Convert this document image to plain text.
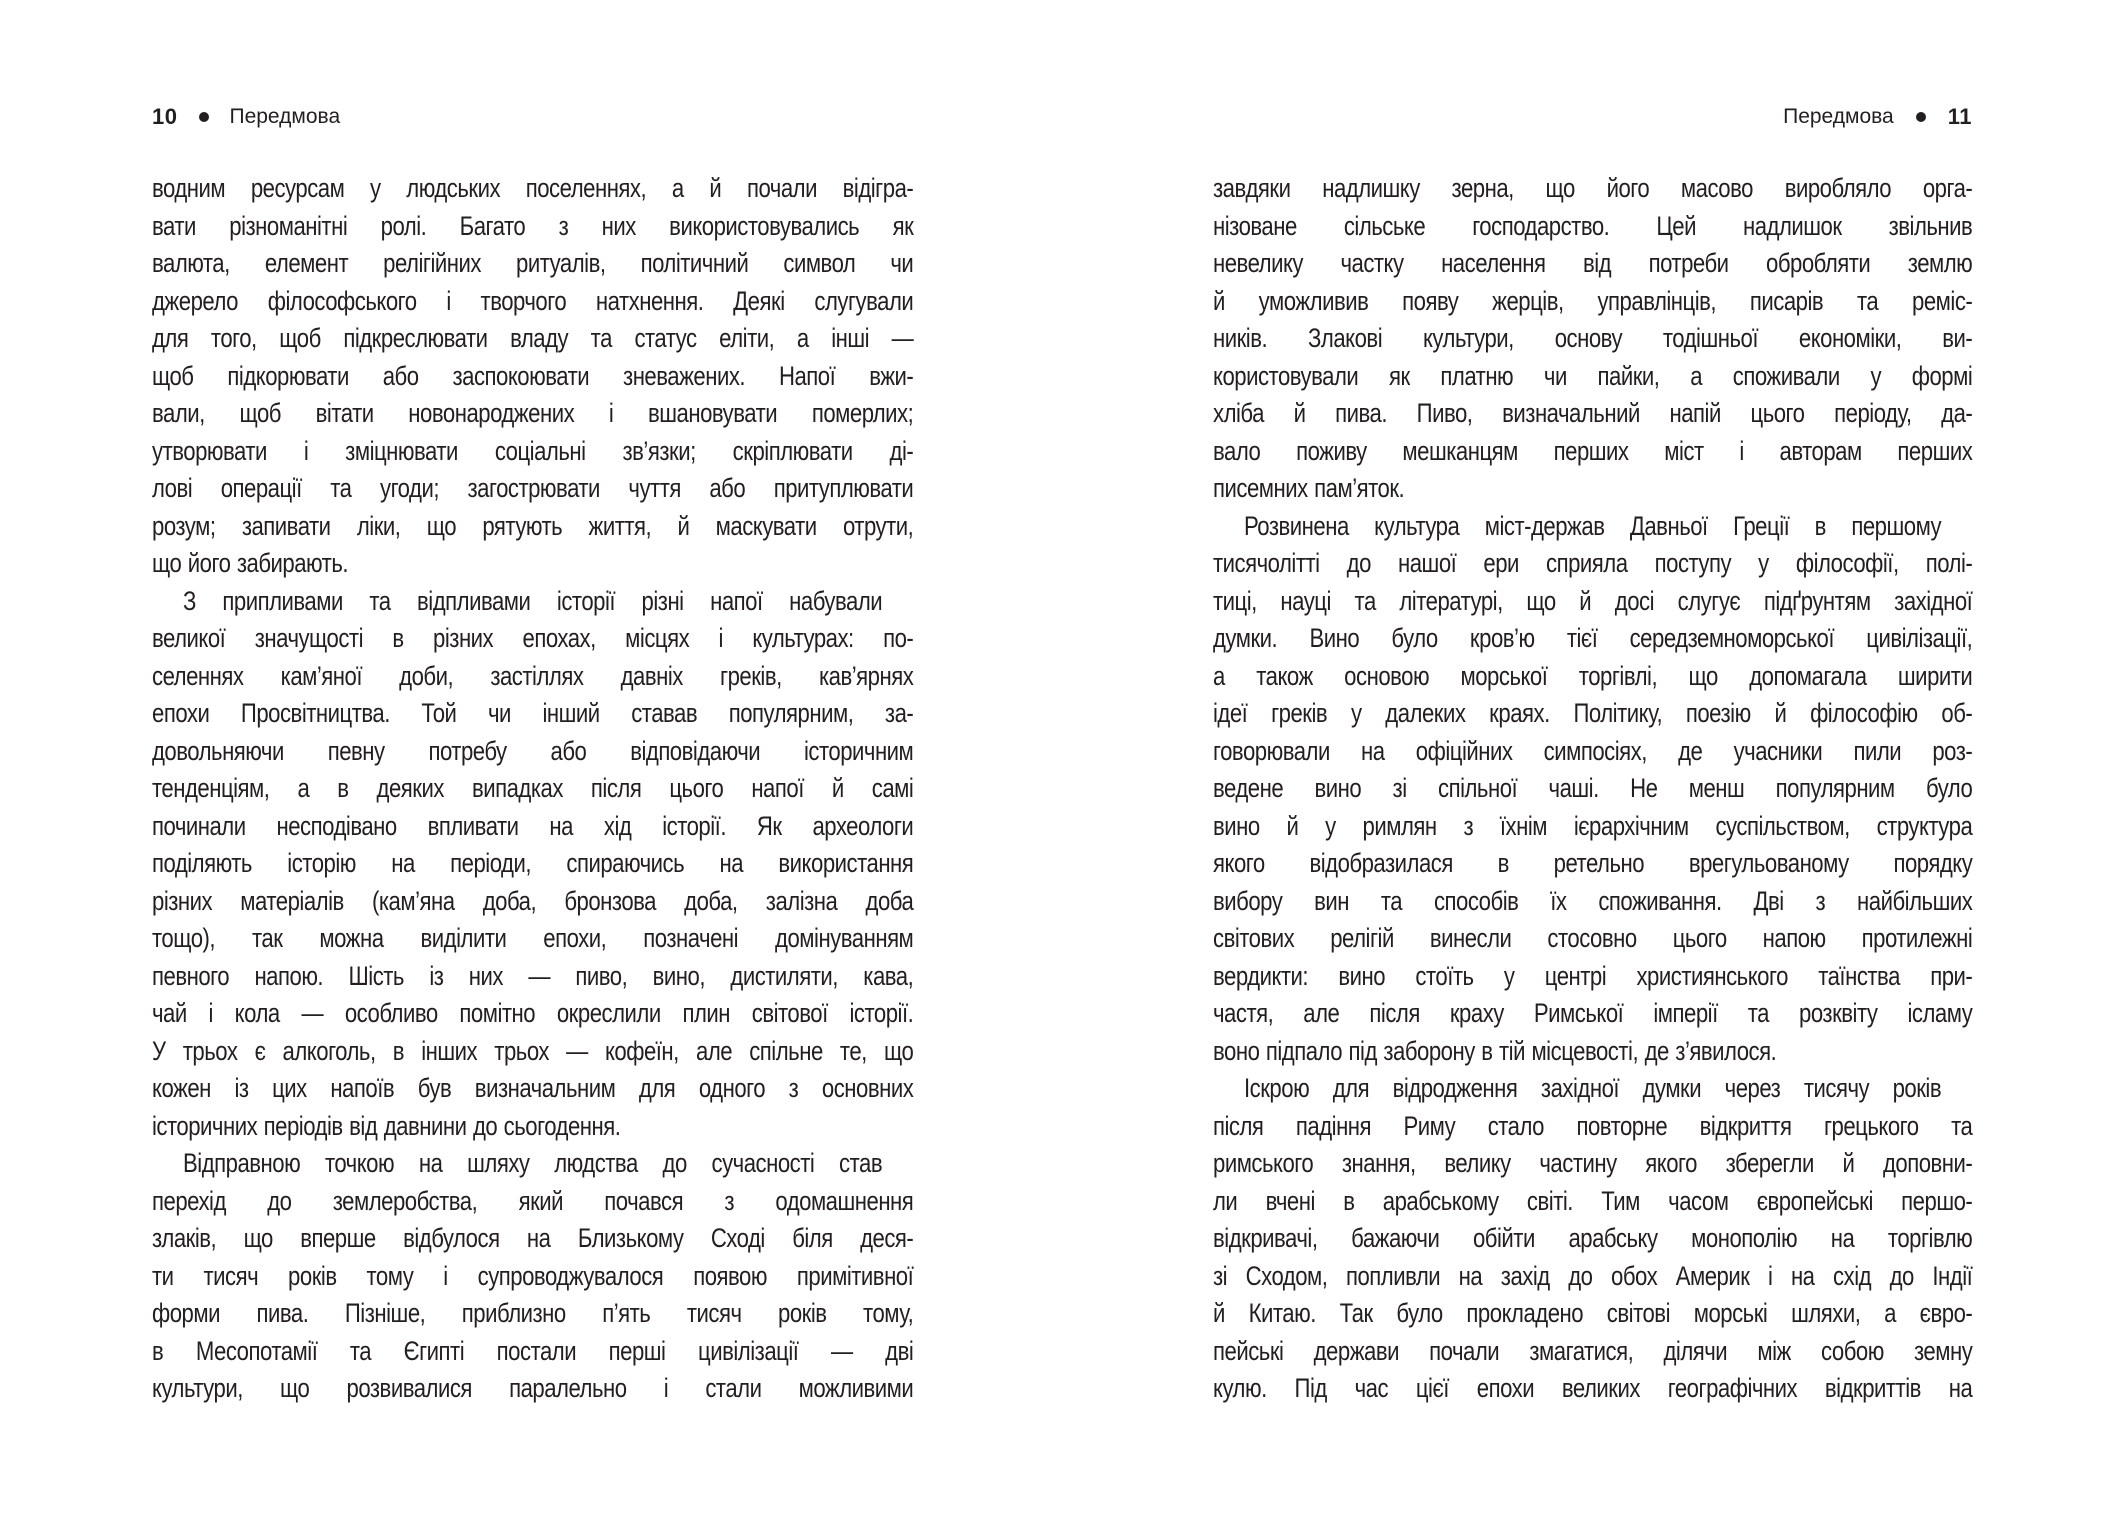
10 Передмова
водним ресурсам у людських поселеннях, а й почали відігра-
вати різноманітні ролі. Багато з них використовувались як
валюта, елемент релігійних ритуалів, політичний символ чи
джерело філософського і творчого натхнення. Деякі слугували
для того, щоб підкреслювати владу та статус еліти, а інші —
щоб підкорювати або заспокоювати зневажених. Напої вжи-
вали, щоб вітати новонароджених і вшановувати померлих;
утворювати і зміцнювати соціальні зв’язки; скріплювати ді-
лові операції та угоди; загострювати чуття або притуплювати
розум; запивати ліки, що рятують життя, й маскувати отрути,
що його забирають.
З припливами та відпливами історії різні напої набували
великої значущості в різних епохах, місцях і культурах: по-
селеннях кам’яної доби, застіллях давніх греків, кав’ярнях
епохи Просвітництва. Той чи інший ставав популярним, за-
довольняючи певну потребу або відповідаючи історичним
тенденціям, а в деяких випадках після цього напої й самі
починали несподівано впливати на хід історії. Як археологи
поділяють історію на періоди, спираючись на використання
різних матеріалів (кам’яна доба, бронзова доба, залізна доба
тощо), так можна виділити епохи, позначені домінуванням
певного напою. Шість із них — пиво, вино, дистиляти, кава,
чай і кола — особливо помітно окреслили плин світової історії.
У трьох є алкоголь, в інших трьох — кофеїн, але спільне те, що
кожен із цих напоїв був визначальним для одного з основних
історичних періодів від давнини до сьогодення.
Відправною точкою на шляху людства до сучасності став
перехід до землеробства, який почався з одомашнення
злаків, що вперше відбулося на Близькому Сході біля деся-
ти тисяч років тому і супроводжувалося появою примітивної
форми пива. Пізніше, приблизно п’ять тисяч років тому,
в Месопотамії та Єгипті постали перші цивілізації — дві
культури, що розвивалися паралельно і стали можливими
Передмова 11
завдяки надлишку зерна, що його масово виробляло орга-
нізоване сільське господарство. Цей надлишок звільнив
невелику частку населення від потреби обробляти землю
й уможливив появу жерців, управлінців, писарів та реміс-
ників. Злакові культури, основу тодішньої економіки, ви-
користовували як платню чи пайки, а споживали у формі
хліба й пива. Пиво, визначальний напій цього періоду, да-
вало поживу мешканцям перших міст і авторам перших
писемних пам’яток.
Розвинена культура міст-держав Давньої Греції в першому
тисячолітті до нашої ери сприяла поступу у філософії, полі-
тиці, науці та літературі, що й досі слугує підґрунтям західної
думки. Вино було кров’ю тієї середземноморської цивілізації,
а також основою морської торгівлі, що допомагала ширити
ідеї греків у далеких краях. Політику, поезію й філософію об-
говорювали на офіційних симпосіях, де учасники пили роз-
ведене вино зі спільної чаші. Не менш популярним було
вино й у римлян з їхнім ієрархічним суспільством, структура
якого відобразилася в ретельно врегульованому порядку
вибору вин та способів їх споживання. Дві з найбільших
світових релігій винесли стосовно цього напою протилежні
вердикти: вино стоїть у центрі християнського таїнства при-
частя, але після краху Римської імперії та розквіту ісламу
воно підпало під заборону в тій місцевості, де з’явилося.
Іскрою для відродження західної думки через тисячу років
після падіння Риму стало повторне відкриття грецького та
римського знання, велику частину якого зберегли й доповни-
ли вчені в арабському світі. Тим часом європейські першо-
відкривачі, бажаючи обійти арабську монополію на торгівлю
зі Сходом, попливли на захід до обох Америк і на схід до Індії
й Китаю. Так було прокладено світові морські шляхи, а євро-
пейські держави почали змагатися, ділячи між собою земну
кулю. Під час цієї епохи великих географічних відкриттів на
